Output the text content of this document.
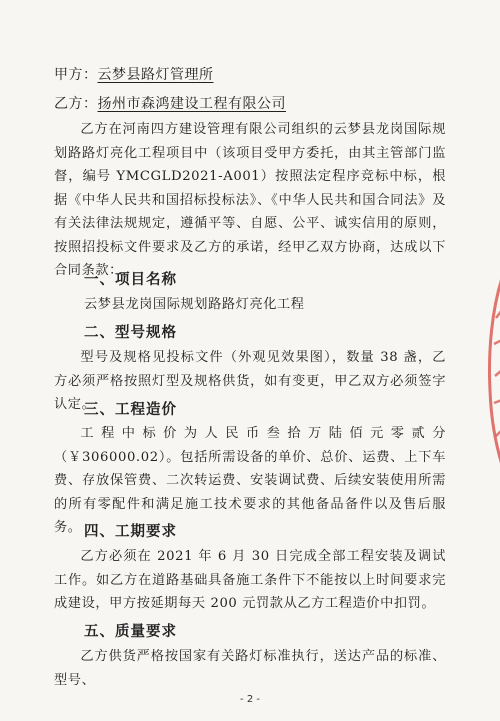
甲方：云梦县路灯管理所
乙方：扬州市森鸿建设工程有限公司
乙方在河南四方建设管理有限公司组织的云梦县龙岗国际规划路路灯亮化工程项目中（该项目受甲方委托，由其主管部门监督，编号 YMCGLD2021-A001）按照法定程序竞标中标，根据《中华人民共和国招标投标法》、《中华人民共和国合同法》及有关法律法规规定，遵循平等、自愿、公平、诚实信用的原则，按照招投标文件要求及乙方的承诺，经甲乙双方协商，达成以下合同条款：
一、项目名称
云梦县龙岗国际规划路路灯亮化工程
二、型号规格
型号及规格见投标文件（外观见效果图），数量 38 盏，乙方必须严格按照灯型及规格供货，如有变更，甲乙双方必须签字认定。
三、工程造价
工程中标价为人民币叁拾万陆佰元零贰分（￥306000.02）。包括所需设备的单价、总价、运费、上下车费、存放保管费、二次转运费、安装调试费、后续安装使用所需的所有零配件和满足施工技术要求的其他备品备件以及售后服务。 四、工期要求
乙方必须在 2021 年 6 月 30 日完成全部工程安装及调试工作。如乙方在道路基础具备施工条件下不能按以上时间要求完成建设，甲方按延期每天 200 元罚款从乙方工程造价中扣罚。
五、质量要求
乙方供货严格按国家有关路灯标准执行，送达产品的标准、型号、
- 2 -
